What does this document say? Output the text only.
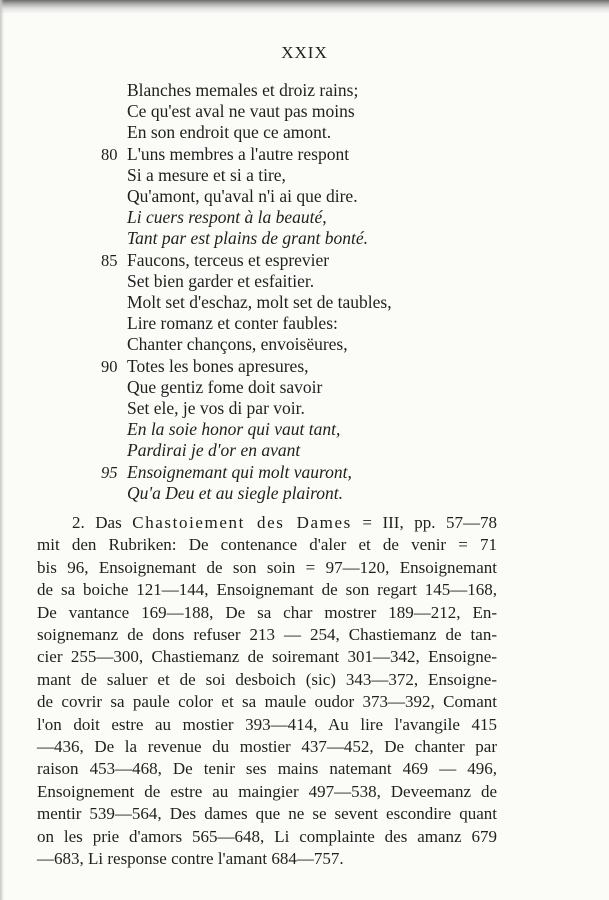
XXIX
Blanches memales et droiz rains;
Ce qu'est aval ne vaut pas moins
En son endroit que ce amont.
80 L'uns membres a l'autre respont
Si a mesure et si a tire,
Qu'amont, qu'aval n'i ai que dire.
Li cuers respont à la beauté,
Tant par est plains de grant bonté.
85 Faucons, terceus et esprevier
Set bien garder et esfaitier.
Molt set d'eschaz, molt set de taubles,
Lire romanz et conter faubles:
Chanter chançons, envoisëures,
90 Totes les bones apresures,
Que gentiz fome doit savoir
Set ele, je vos di par voir.
En la soie honor qui vaut tant,
Pardirai je d'or en avant
95 Ensoignemant qui molt vauront,
Qu'a Deu et au siegle plairont.
2. Das Chastoiement des Dames = III, pp. 57—78
mit den Rubriken: De contenance d'aler et de venir = 71
bis 96, Ensoignemant de son soin = 97—120, Ensoignemant
de sa boiche 121—144, Ensoignemant de son regart 145—168,
De vantance 169—188, De sa char mostrer 189—212, En-
soignemanz de dons refuser 213 — 254, Chastiemanz de tan-
cier 255—300, Chastiemanz de soiremant 301—342, Ensoigne-
mant de saluer et de soi desboich (sic) 343—372, Ensoigne-
de covrir sa paule color et sa maule oudor 373—392, Comant
l'on doit estre au mostier 393—414, Au lire l'avangile 415
—436, De la revenue du mostier 437—452, De chanter par
raison 453—468, De tenir ses mains natemant 469 — 496,
Ensoignement de estre au maingier 497—538, Deveemanz de
mentir 539—564, Des dames que ne se sevent escondire quant
on les prie d'amors 565—648, Li complainte des amanz 679
—683, Li response contre l'amant 684—757.
